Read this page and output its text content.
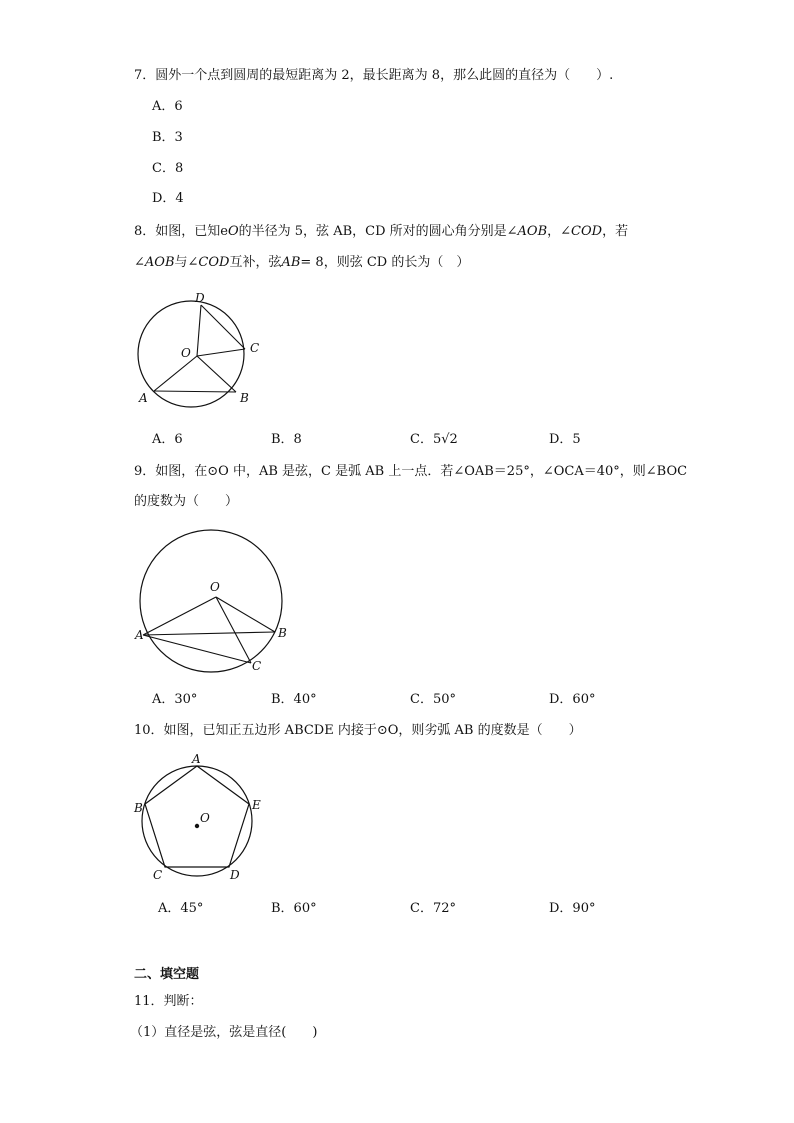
7．圆外一个点到圆周的最短距离为 2，最长距离为 8，那么此圆的直径为（　　）.
A．6
B．3
C．8
D．4
8．如图，已知eO的半径为 5，弦 AB，CD 所对的圆心角分别是∠AOB，∠COD，若
∠AOB与∠COD互补，弦AB= 8，则弦 CD 的长为（　）
D
O	C
A	B
A．6	B．8	C．5√2	D．5
9．如图，在⊙O 中，AB 是弦，C 是弧 AB 上一点．若∠OAB＝25°，∠OCA＝40°，则∠BOC
的度数为（　　）
O
A	B
C
A．30°	B．40°	C．50°	D．60°
10．如图，已知正五边形 ABCDE 内接于⊙O，则劣弧 AB 的度数是（　　）
A
B	E
C	D
O
A．45°	B．60°	C．72°	D．90°
二、填空题
11．判断：
（1）直径是弦，弦是直径(　　)
